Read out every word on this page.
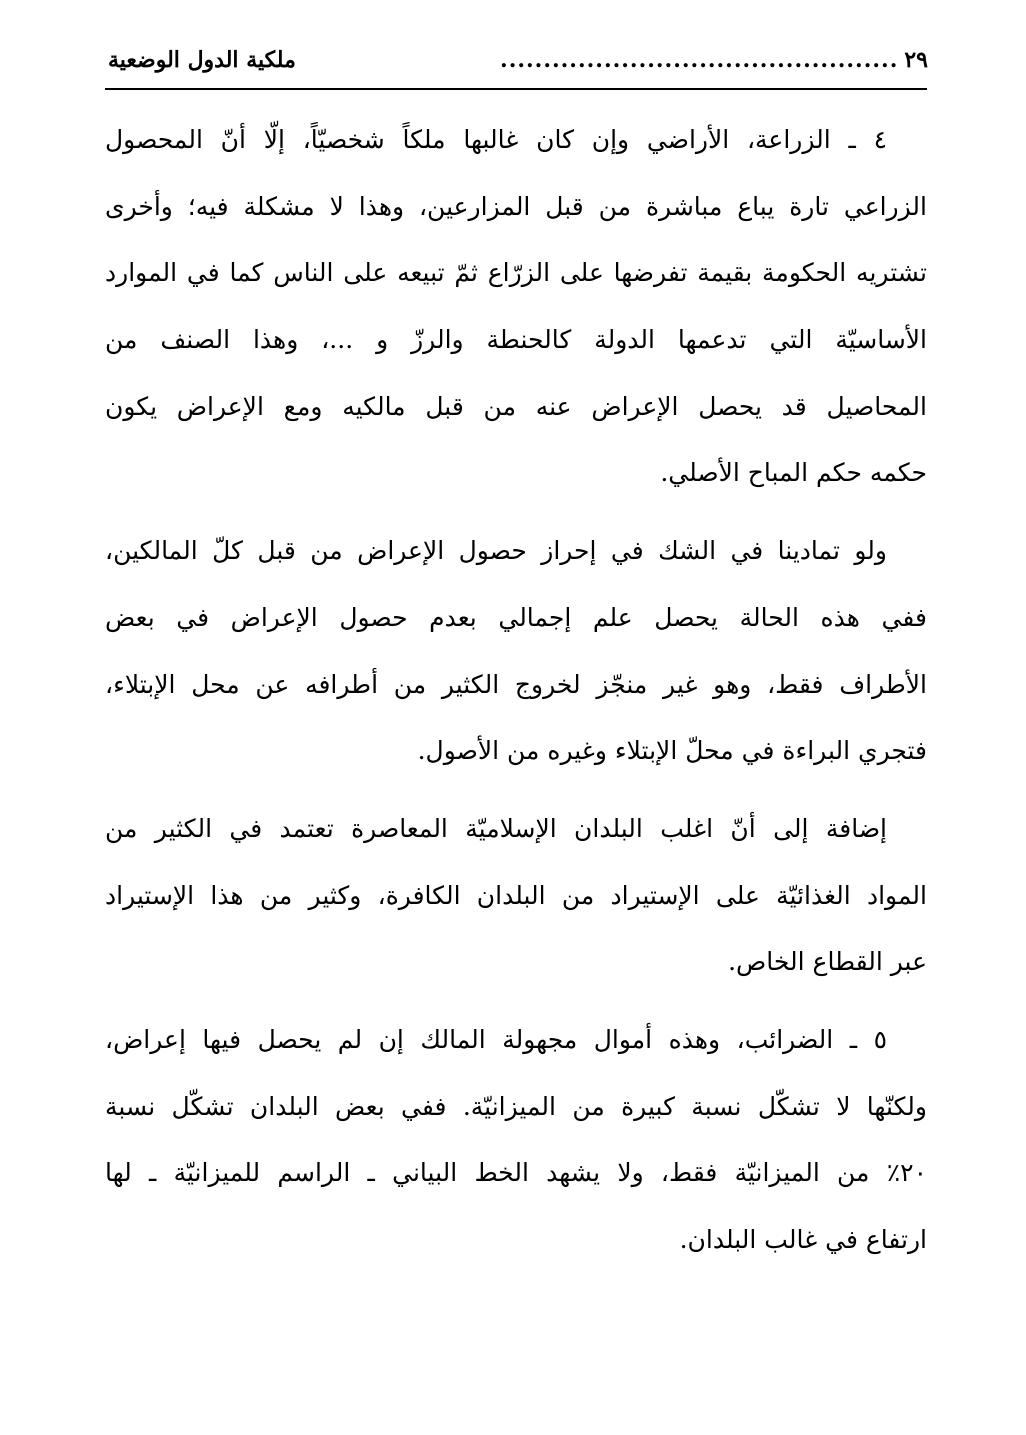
٢٩
..............................................
ملكية الدول الوضعية
٤ ـ الزراعة، الأراضي وإن كان غالبها ملكاً شخصيّاً، إلّا أنّ المحصول
الزراعي تارة يباع مباشرة من قبل المزارعين، وهذا لا مشكلة فيه؛ وأخرى
تشتريه الحكومة بقيمة تفرضها على الزرّاع ثمّ تبيعه على الناس كما في الموارد
الأساسيّة التي تدعمها الدولة كالحنطة والرزّ و ...، وهذا الصنف من
المحاصيل قد يحصل الإعراض عنه من قبل مالكيه ومع الإعراض يكون
حكمه حكم المباح الأصلي.
ولو تمادينا في الشك في إحراز حصول الإعراض من قبل كلّ المالكين،
ففي هذه الحالة يحصل علم إجمالي بعدم حصول الإعراض في بعض
الأطراف فقط، وهو غير منجّز لخروج الكثير من أطرافه عن محل الإبتلاء،
فتجري البراءة في محلّ الإبتلاء وغيره من الأصول.
إضافة إلى أنّ اغلب البلدان الإسلاميّة المعاصرة تعتمد في الكثير من
المواد الغذائيّة على الإستيراد من البلدان الكافرة، وكثير من هذا الإستيراد
عبر القطاع الخاص.
٥ ـ الضرائب، وهذه أموال مجهولة المالك إن لم يحصل فيها إعراض،
ولكنّها لا تشكّل نسبة كبيرة من الميزانيّة. ففي بعض البلدان تشكّل نسبة
٢٠٪ من الميزانيّة فقط، ولا يشهد الخط البياني ـ الراسم للميزانيّة ـ لها
ارتفاع في غالب البلدان.
